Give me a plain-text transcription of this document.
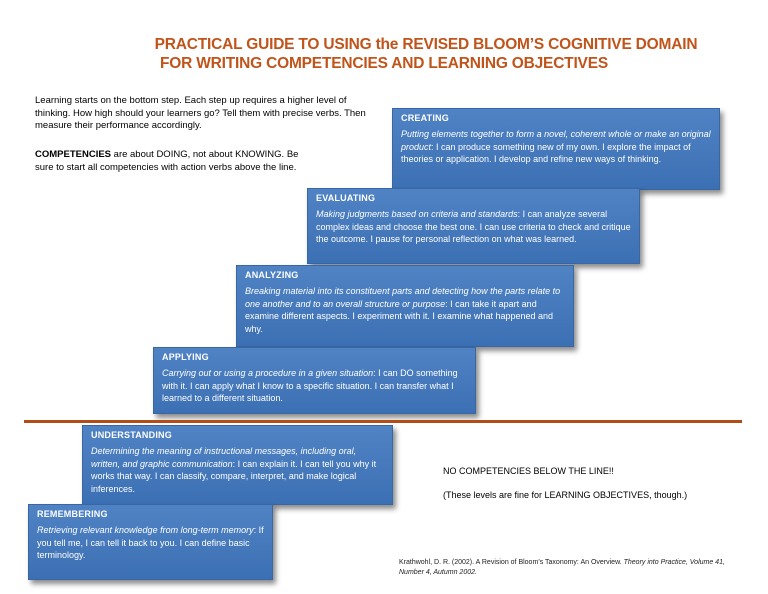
PRACTICAL GUIDE TO USING the REVISED BLOOM’S COGNITIVE DOMAIN
FOR WRITING COMPETENCIES AND LEARNING OBJECTIVES

Learning starts on the bottom step. Each step up requires a higher level of thinking. How high should your learners go? Tell them with precise verbs. Then measure their performance accordingly.

COMPETENCIES are about DOING, not about KNOWING. Be sure to start all competencies with action verbs above the line.

CREATING
Putting elements together to form a novel, coherent whole or make an original product: I can produce something new of my own. I explore the impact of theories or application. I develop and refine new ways of thinking.
EVALUATING
Making judgments based on criteria and standards: I can analyze several complex ideas and choose the best one. I can use criteria to check and critique the outcome. I pause for personal reflection on what was learned.
ANALYZING
Breaking material into its constituent parts and detecting how the parts relate to one another and to an overall structure or purpose: I can take it apart and examine different aspects. I experiment with it. I examine what happened and why.
APPLYING
Carrying out or using a procedure in a given situation: I can DO something with it. I can apply what I know to a specific situation. I can transfer what I learned to a different situation.
UNDERSTANDING
Determining the meaning of instructional messages, including oral, written, and graphic communication: I can explain it. I can tell you why it works that way. I can classify, compare, interpret, and make logical inferences.
REMEMBERING
Retrieving relevant knowledge from long-term memory: If you tell me, I can tell it back to you. I can define basic terminology.
NO COMPETENCIES BELOW THE LINE!!
(These levels are fine for LEARNING OBJECTIVES, though.)
Krathwohl, D. R. (2002). A Revision of Bloom’s Taxonomy: An Overview. Theory into Practice, Volume 41, Number 4, Autumn 2002.
